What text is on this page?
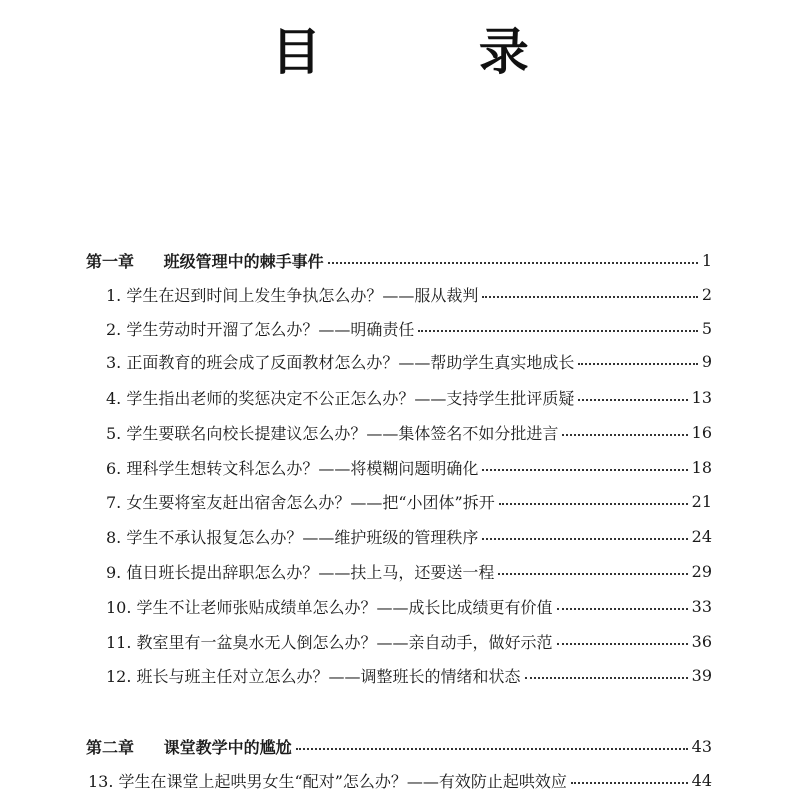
目 录
第一章 班级管理中的棘手事件	1
1. 学生在迟到时间上发生争执怎么办？——服从裁判	2
2. 学生劳动时开溜了怎么办？——明确责任	5
3. 正面教育的班会成了反面教材怎么办？——帮助学生真实地成长	9
4. 学生指出老师的奖惩决定不公正怎么办？——支持学生批评质疑	13
5. 学生要联名向校长提建议怎么办？——集体签名不如分批进言	16
6. 理科学生想转文科怎么办？——将模糊问题明确化	18
7. 女生要将室友赶出宿舍怎么办？——把“小团体”拆开	21
8. 学生不承认报复怎么办？——维护班级的管理秩序	24
9. 值日班长提出辞职怎么办？——扶上马，还要送一程	29
10. 学生不让老师张贴成绩单怎么办？——成长比成绩更有价值	33
11. 教室里有一盆臭水无人倒怎么办？——亲自动手，做好示范	36
12. 班长与班主任对立怎么办？——调整班长的情绪和状态	39
第二章 课堂教学中的尴尬	43
13. 学生在课堂上起哄男女生“配对”怎么办？——有效防止起哄效应	44
